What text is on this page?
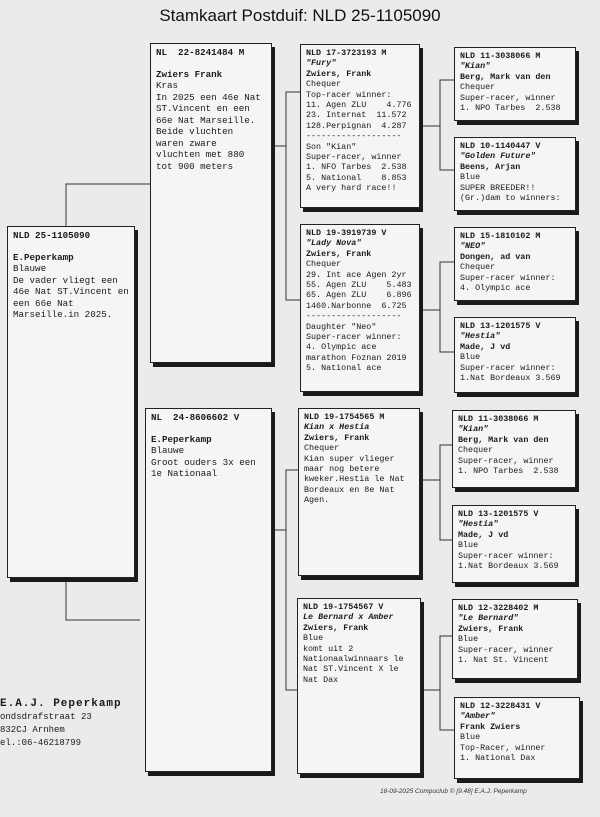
Stamkaart Postduif: NLD 25-1105090
NLD 25-1105090
E.Peperkamp
Blauwe
De vader vliegt een 46e Nat ST.Vincent en een 66e Nat Marseille.in 2025.
NL  22-8241484 M
Zwiers Frank
Kras
In 2025 een 46e Nat ST.Vincent en een 66e Nat Marseille. Beide vluchten waren zware vluchten met 880 tot 900 meters
NL  24-8606602 V
E.Peperkamp
Blauwe
Groot ouders 3x een 1e Nationaal
NLD 17-3723193 M
"Fury"
Zwiers, Frank
Chequer
Top-racer winner:
11. Agen ZLU    4.776
23. Internat  11.572
128.Perpignan  4.287
-------------------
Son "Kian"
Super-racer, winner
1. NFO Tarbes  2.538
5. National    8.853
A very hard race!!
NLD 19-3919739 V
"Lady Nova"
Zwiers, Frank
Chequer
29. Int ace Agen 2yr
55. Agen ZLU    5.483
65. Agen ZLU    6.896
1460.Narbonne  6.725
-------------------
Daughter "Neo"
Super-racer winner:
4. Olympic ace
marathon Foznan 2019
5. National ace
NLD 19-1754565 M
Kian x Hestia
Zwiers, Frank
Chequer
Kian super vlieger maar nog betere kweker.Hestia le Nat Bordeaux en 8e Nat Agen.
NLD 19-1754567 V
Le Bernard x Amber
Zwiers, Frank
Blue
komt uit 2 Nationaalwinnaars le Nat ST.Vincent X le Nat Dax
NLD 11-3038066 M
"Kian"
Berg, Mark van den
Chequer
Super-racer, winner
1. NPO Tarbes  2.538
NLD 10-1140447 V
"Golden Future"
Beens, Arjan
Blue
SUPER BREEDER!!
(Gr.)dam to winners:
NLD 15-1810102 M
"NEO"
Dongen, ad van
Chequer
Super-racer winner:
4. Olympic ace
NLD 13-1201575 V
"Hestia"
Made, J vd
Blue
Super-racer winner:
1.Nat Bordeaux 3.569
NLD 11-3038066 M
"Kian"
Berg, Mark van den
Chequer
Super-racer, winner
1. NPO Tarbes  2.538
NLD 13-1201575 V
"Hestia"
Made, J vd
Blue
Super-racer winner:
1.Nat Bordeaux 3.569
NLD 12-3228402 M
"Le Bernard"
Zwiers, Frank
Blue
Super-racer, winner
1. Nat St. Vincent
NLD 12-3228431 V
"Amber"
Frank Zwiers
Blue
Top-Racer, winner
1. National Dax
E.A.J. Peperkamp
ondsdrafstraat 23
832CJ Arnhem
el.:06-46218799
18-09-2025 Compuclub © [9.48] E.A.J. Peperkamp
